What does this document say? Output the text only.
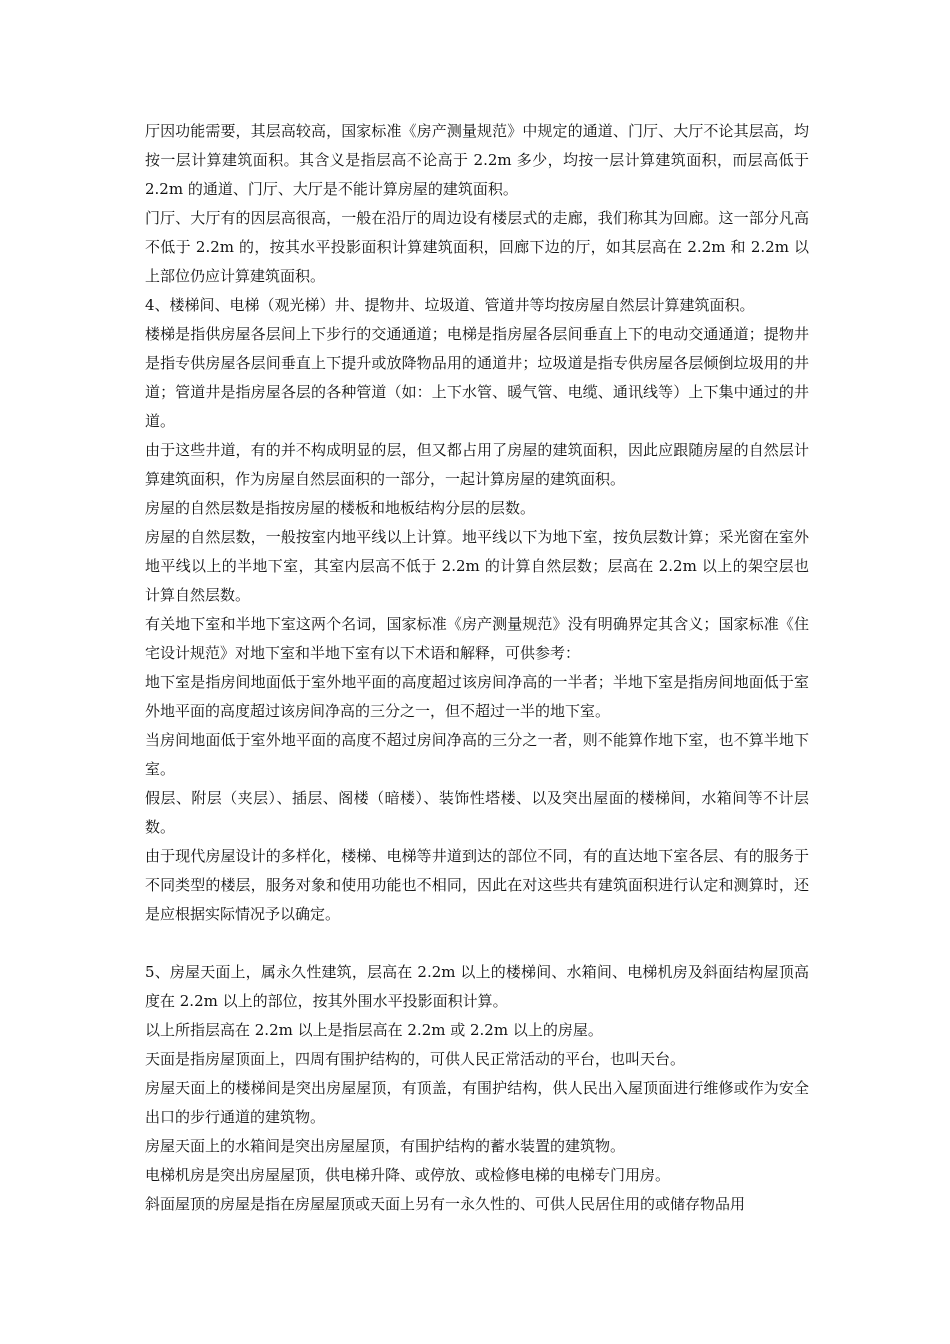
厅因功能需要，其层高较高，国家标准《房产测量规范》中规定的通道、门厅、大厅不论其层高，均按一层计算建筑面积。其含义是指层高不论高于 2.2m 多少，均按一层计算建筑面积，而层高低于 2.2m 的通道、门厅、大厅是不能计算房屋的建筑面积。

门厅、大厅有的因层高很高，一般在沿厅的周边设有楼层式的走廊，我们称其为回廊。这一部分凡高不低于 2.2m 的，按其水平投影面积计算建筑面积，回廊下边的厅，如其层高在 2.2m 和 2.2m 以上部位仍应计算建筑面积。

4、楼梯间、电梯（观光梯）井、提物井、垃圾道、管道井等均按房屋自然层计算建筑面积。

楼梯是指供房屋各层间上下步行的交通通道；电梯是指房屋各层间垂直上下的电动交通通道；提物井是指专供房屋各层间垂直上下提升或放降物品用的通道井；垃圾道是指专供房屋各层倾倒垃圾用的井道；管道井是指房屋各层的各种管道（如：上下水管、暖气管、电缆、通讯线等）上下集中通过的井道。

由于这些井道，有的并不构成明显的层，但又都占用了房屋的建筑面积，因此应跟随房屋的自然层计算建筑面积，作为房屋自然层面积的一部分，一起计算房屋的建筑面积。

房屋的自然层数是指按房屋的楼板和地板结构分层的层数。

房屋的自然层数，一般按室内地平线以上计算。地平线以下为地下室，按负层数计算；采光窗在室外地平线以上的半地下室，其室内层高不低于 2.2m 的计算自然层数；层高在 2.2m 以上的架空层也计算自然层数。

有关地下室和半地下室这两个名词，国家标准《房产测量规范》没有明确界定其含义；国家标准《住宅设计规范》对地下室和半地下室有以下术语和解释，可供参考：

地下室是指房间地面低于室外地平面的高度超过该房间净高的一半者；半地下室是指房间地面低于室外地平面的高度超过该房间净高的三分之一，但不超过一半的地下室。

当房间地面低于室外地平面的高度不超过房间净高的三分之一者，则不能算作地下室，也不算半地下室。

假层、附层（夹层）、插层、阁楼（暗楼）、装饰性塔楼、以及突出屋面的楼梯间，水箱间等不计层数。

由于现代房屋设计的多样化，楼梯、电梯等井道到达的部位不同，有的直达地下室各层、有的服务于不同类型的楼层，服务对象和使用功能也不相同，因此在对这些共有建筑面积进行认定和测算时，还是应根据实际情况予以确定。

5、房屋天面上，属永久性建筑，层高在 2.2m 以上的楼梯间、水箱间、电梯机房及斜面结构屋顶高度在 2.2m 以上的部位，按其外围水平投影面积计算。

以上所指层高在 2.2m 以上是指层高在 2.2m 或 2.2m 以上的房屋。

天面是指房屋顶面上，四周有围护结构的，可供人民正常活动的平台，也叫天台。

房屋天面上的楼梯间是突出房屋屋顶，有顶盖，有围护结构，供人民出入屋顶面进行维修或作为安全出口的步行通道的建筑物。

房屋天面上的水箱间是突出房屋屋顶，有围护结构的蓄水装置的建筑物。

电梯机房是突出房屋屋顶，供电梯升降、或停放、或检修电梯的电梯专门用房。

斜面屋顶的房屋是指在房屋屋顶或天面上另有一永久性的、可供人民居住用的或储存物品用
